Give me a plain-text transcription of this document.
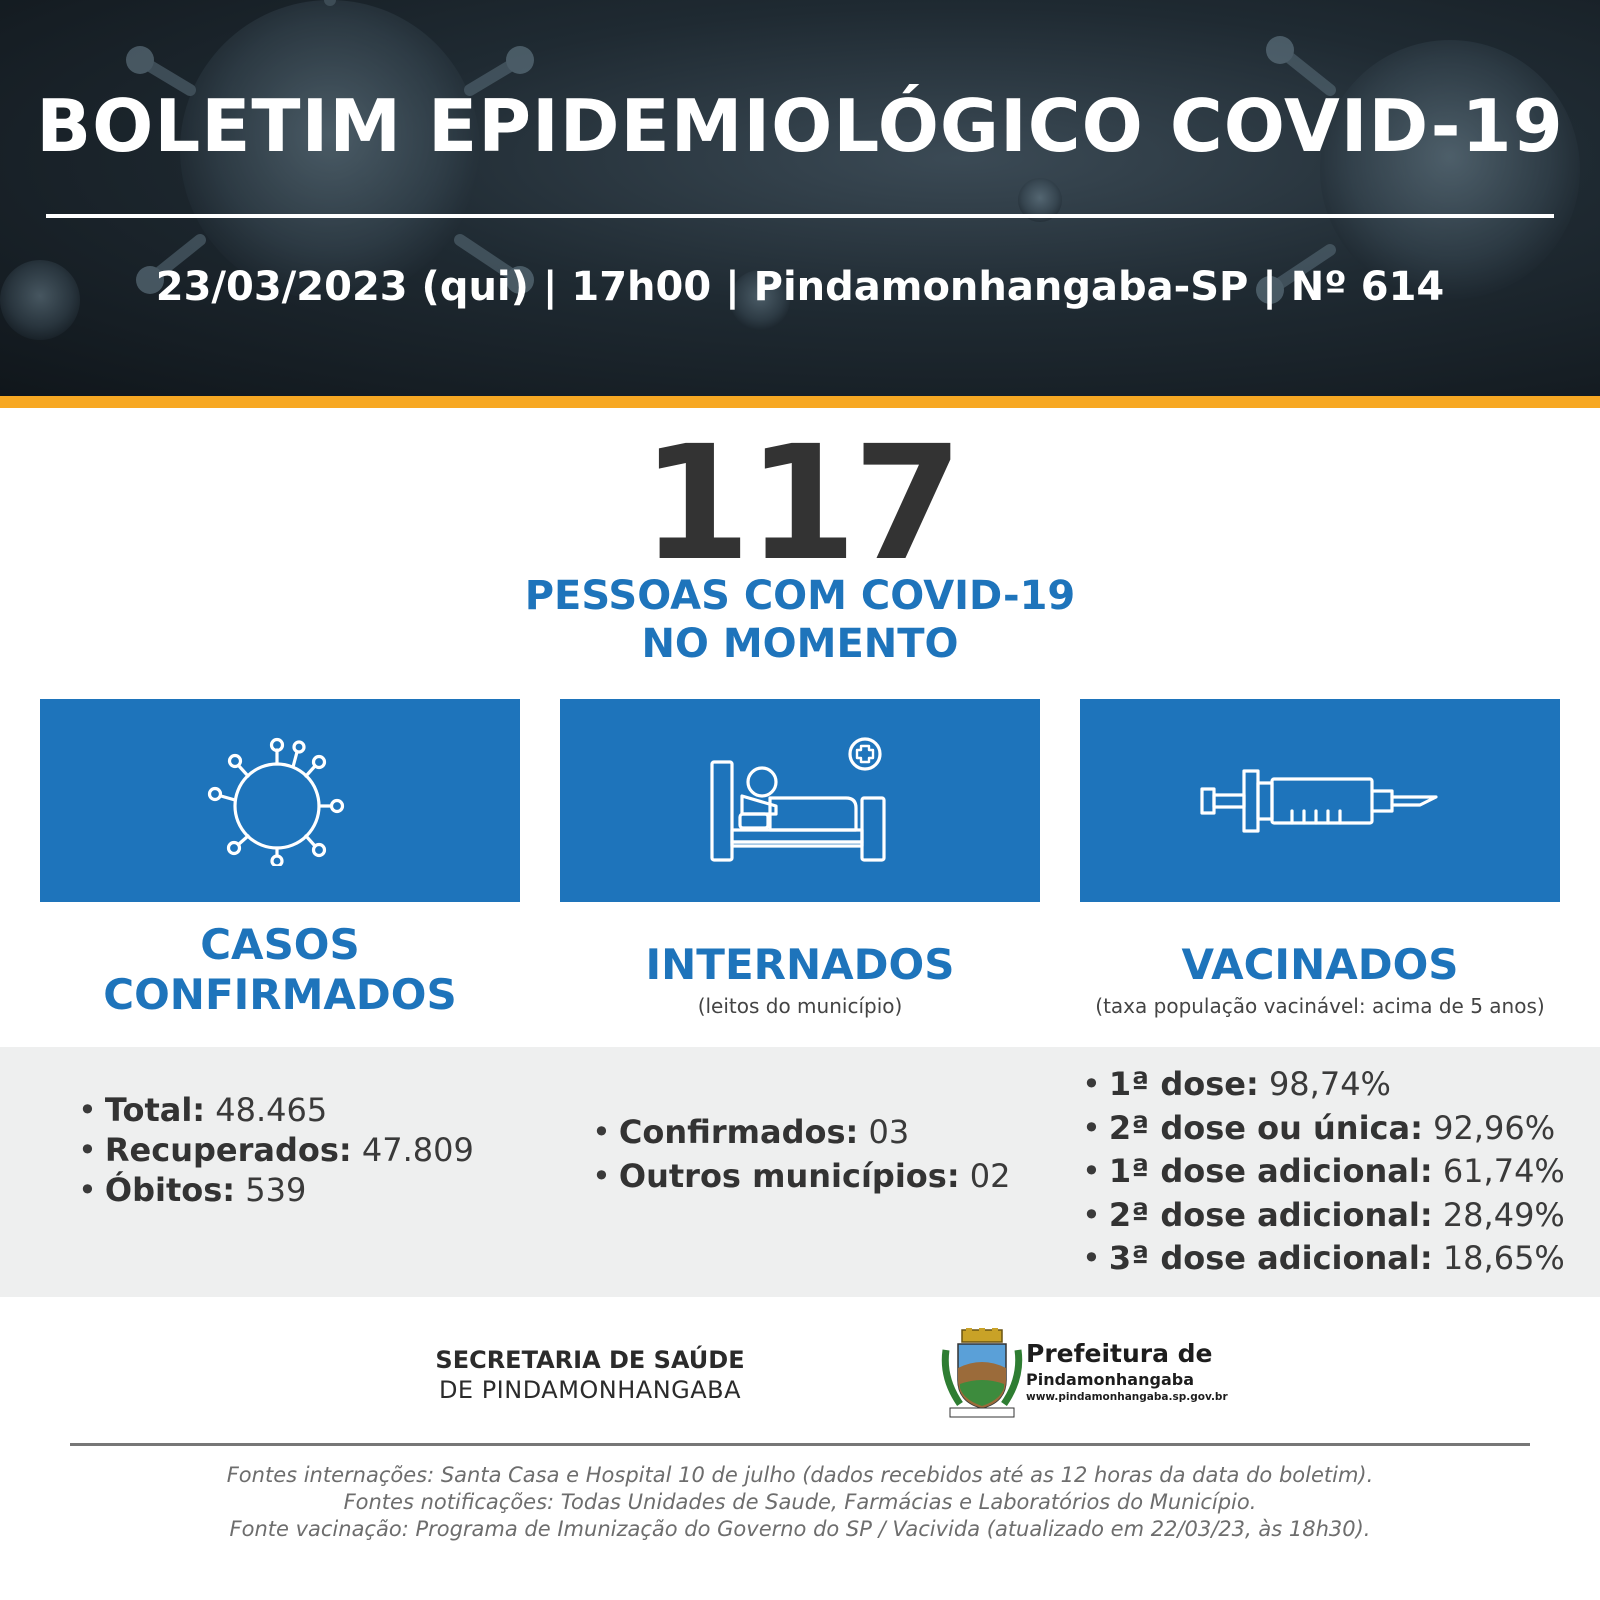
BOLETIM EPIDEMIOLÓGICO COVID-19
23/03/2023 (qui) | 17h00 | Pindamonhangaba-SP | Nº 614
117
PESSOAS COM COVID-19
NO MOMENTO
CASOS
CONFIRMADOS
INTERNADOS
(leitos do município)
VACINADOS
(taxa população vacinável: acima de 5 anos)
• Total: 48.465
• Recuperados: 47.809
• Óbitos: 539
• Confirmados: 03
• Outros municípios: 02
• 1ª dose: 98,74%
• 2ª dose ou única: 92,96%
• 1ª dose adicional: 61,74%
• 2ª dose adicional: 28,49%
• 3ª dose adicional: 18,65%
SECRETARIA DE SAÚDE
DE PINDAMONHANGABA
Prefeitura de
Pindamonhangaba
www.pindamonhangaba.sp.gov.br
Fontes internações: Santa Casa e Hospital 10 de julho (dados recebidos até as 12 horas da data do boletim).
Fontes notificações: Todas Unidades de Saude, Farmácias e Laboratórios do Município.
Fonte vacinação: Programa de Imunização do Governo do SP / Vacivida (atualizado em 22/03/23, às 18h30).
